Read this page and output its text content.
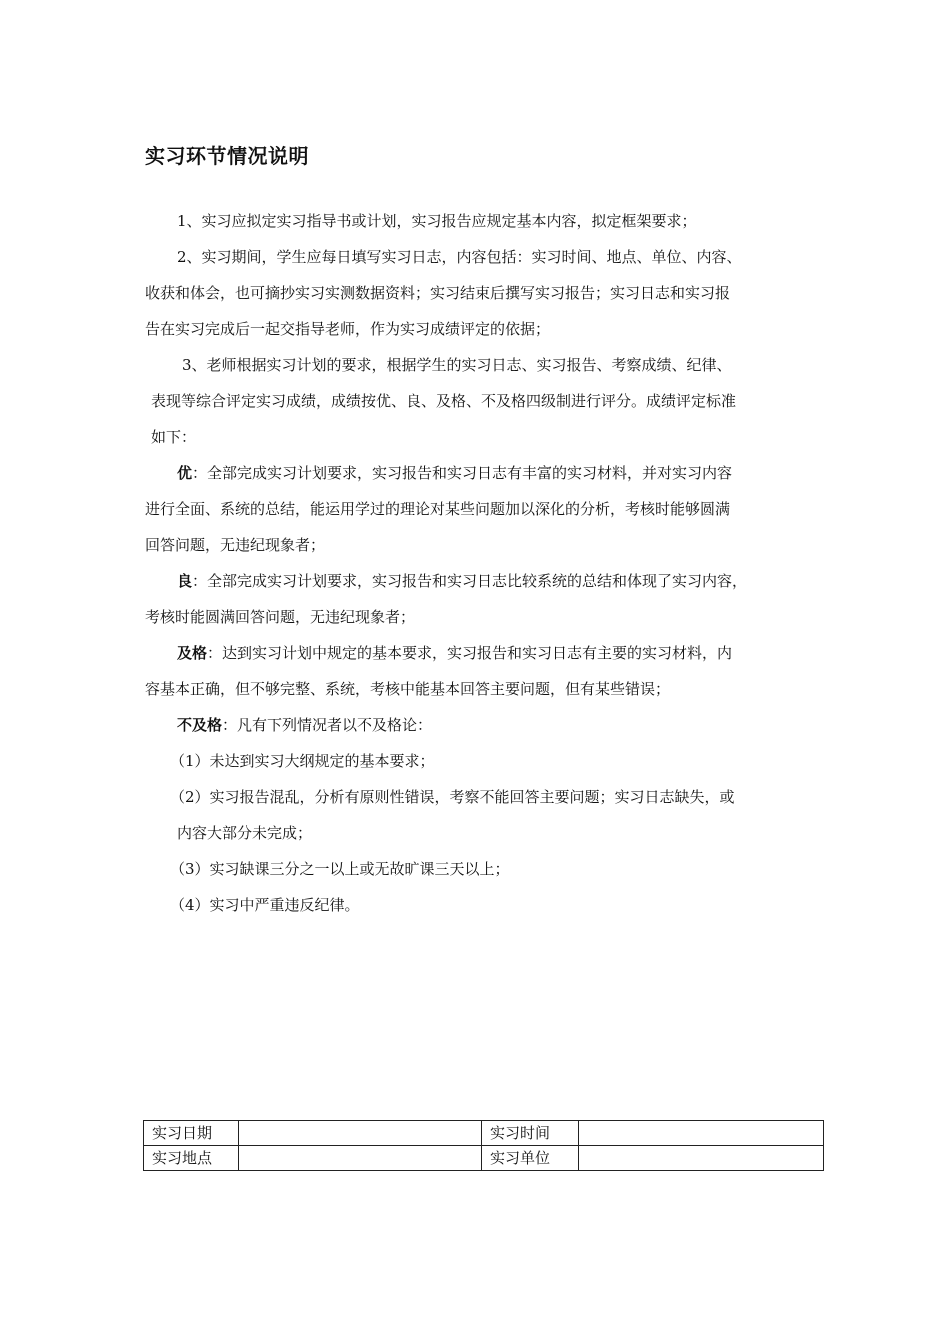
实习环节情况说明
1、实习应拟定实习指导书或计划，实习报告应规定基本内容，拟定框架要求；
2、实习期间，学生应每日填写实习日志，内容包括：实习时间、地点、单位、内容、
收获和体会，也可摘抄实习实测数据资料；实习结束后撰写实习报告；实习日志和实习报
告在实习完成后一起交指导老师，作为实习成绩评定的依据；
3、老师根据实习计划的要求，根据学生的实习日志、实习报告、考察成绩、纪律、
表现等综合评定实习成绩，成绩按优、良、及格、不及格四级制进行评分。成绩评定标准
如下：
优：全部完成实习计划要求，实习报告和实习日志有丰富的实习材料，并对实习内容
进行全面、系统的总结，能运用学过的理论对某些问题加以深化的分析，考核时能够圆满
回答问题，无违纪现象者；
良：全部完成实习计划要求，实习报告和实习日志比较系统的总结和体现了实习内容，
考核时能圆满回答问题，无违纪现象者；
及格：达到实习计划中规定的基本要求，实习报告和实习日志有主要的实习材料，内
容基本正确，但不够完整、系统，考核中能基本回答主要问题，但有某些错误；
不及格：凡有下列情况者以不及格论：
（1）未达到实习大纲规定的基本要求；
（2）实习报告混乱，分析有原则性错误，考察不能回答主要问题；实习日志缺失，或
内容大部分未完成；
（3）实习缺课三分之一以上或无故旷课三天以上；
（4）实习中严重违反纪律。
实习日期		实习时间	
实习地点		实习单位	
